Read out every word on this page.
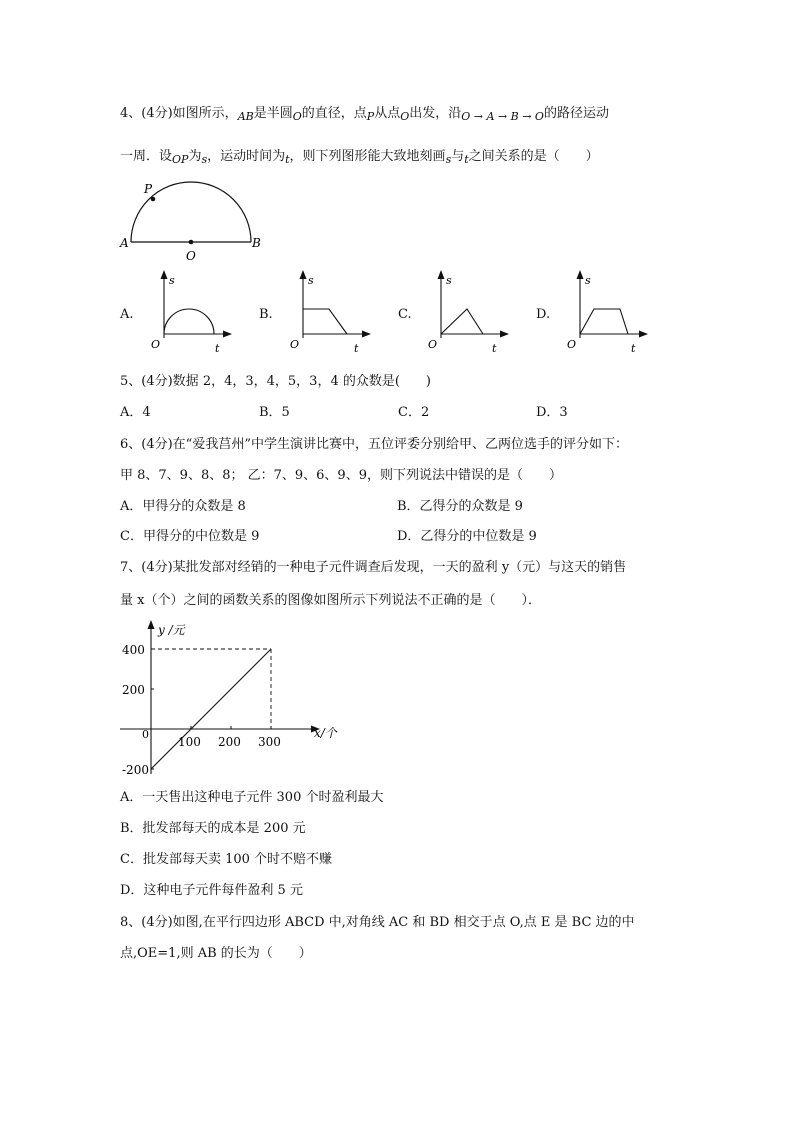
4、(4分)如图所示，$_{AB}$是半圆$_O$的直径，点$_P$从点$_O$出发，沿$_{O \to A \to B \to O}$的路径运动
一周．设$_{OP}$为$_s$，运动时间为$_t$，则下列图形能大致地刻画$_s$与$_t$之间关系的是（　　）
P
A	B
O
A.	B.	C.	D.
s
t
O
s
t
O
s
t
O
s
t
O
5、(4分)数据 2，4，3，4，5，3，4 的众数是(　　)
A．4	B．5	C．2	D．3
6、(4分)在“爱我莒州”中学生演讲比赛中，五位评委分别给甲、乙两位选手的评分如下：
甲 8、7、9、8、8； 乙：7、9、6、9、9，则下列说法中错误的是（　　）
A．甲得分的众数是 8	B．乙得分的众数是 9
C．甲得分的中位数是 9	D．乙得分的中位数是 9
7、(4分)某批发部对经销的一种电子元件调查后发现，一天的盈利 y（元）与这天的销售
量 x（个）之间的函数关系的图像如图所示下列说法不正确的是（　　）．
y /元
x/个
0
100 200 300
-200
200
400
A．一天售出这种电子元件 300 个时盈利最大
B．批发部每天的成本是 200 元
C．批发部每天卖 100 个时不赔不赚
D．这种电子元件每件盈利 5 元
8、(4分)如图,在平行四边形 ABCD 中,对角线 AC 和 BD 相交于点 O,点 E 是 BC 边的中
点,OE=1,则 AB 的长为（　　）
